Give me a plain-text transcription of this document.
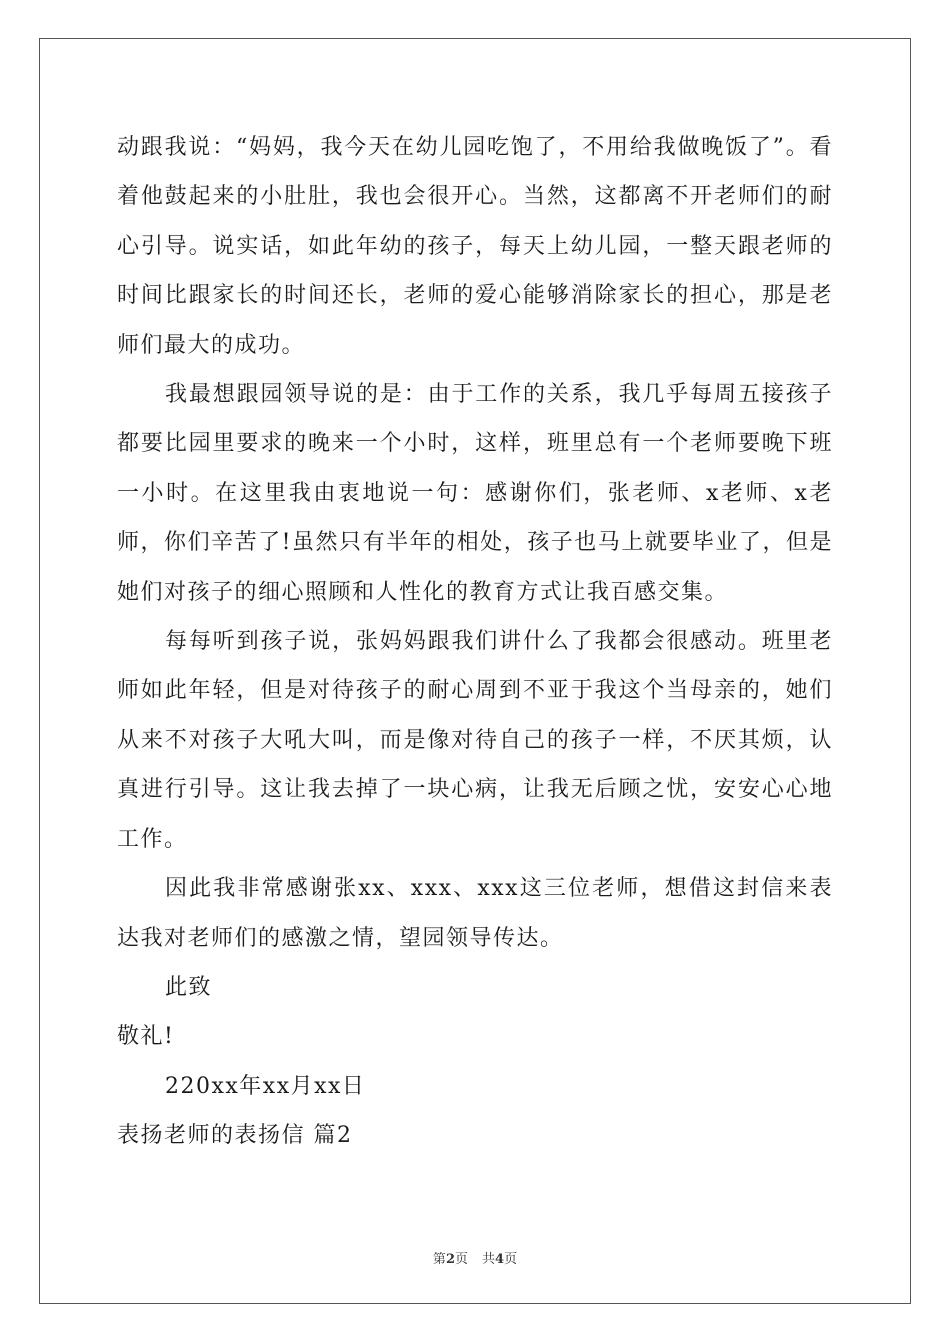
动跟我说：“妈妈，我今天在幼儿园吃饱了，不用给我做晚饭了”。看着他鼓起来的小肚肚，我也会很开心。当然，这都离不开老师们的耐心引导。说实话，如此年幼的孩子，每天上幼儿园，一整天跟老师的时间比跟家长的时间还长，老师的爱心能够消除家长的担心，那是老师们最大的成功。

我最想跟园领导说的是：由于工作的关系，我几乎每周五接孩子都要比园里要求的晚来一个小时，这样，班里总有一个老师要晚下班一小时。在这里我由衷地说一句：感谢你们，张老师、x老师、x老师，你们辛苦了!虽然只有半年的相处，孩子也马上就要毕业了，但是她们对孩子的细心照顾和人性化的教育方式让我百感交集。

每每听到孩子说，张妈妈跟我们讲什么了我都会很感动。班里老师如此年轻，但是对待孩子的耐心周到不亚于我这个当母亲的，她们从来不对孩子大吼大叫，而是像对待自己的孩子一样，不厌其烦，认真进行引导。这让我去掉了一块心病，让我无后顾之忧，安安心心地工作。

因此我非常感谢张xx、xxx、xxx这三位老师，想借这封信来表达我对老师们的感激之情，望园领导传达。

此致

敬礼!

220xx年xx月xx日

表扬老师的表扬信 篇2

第2页 共4页
